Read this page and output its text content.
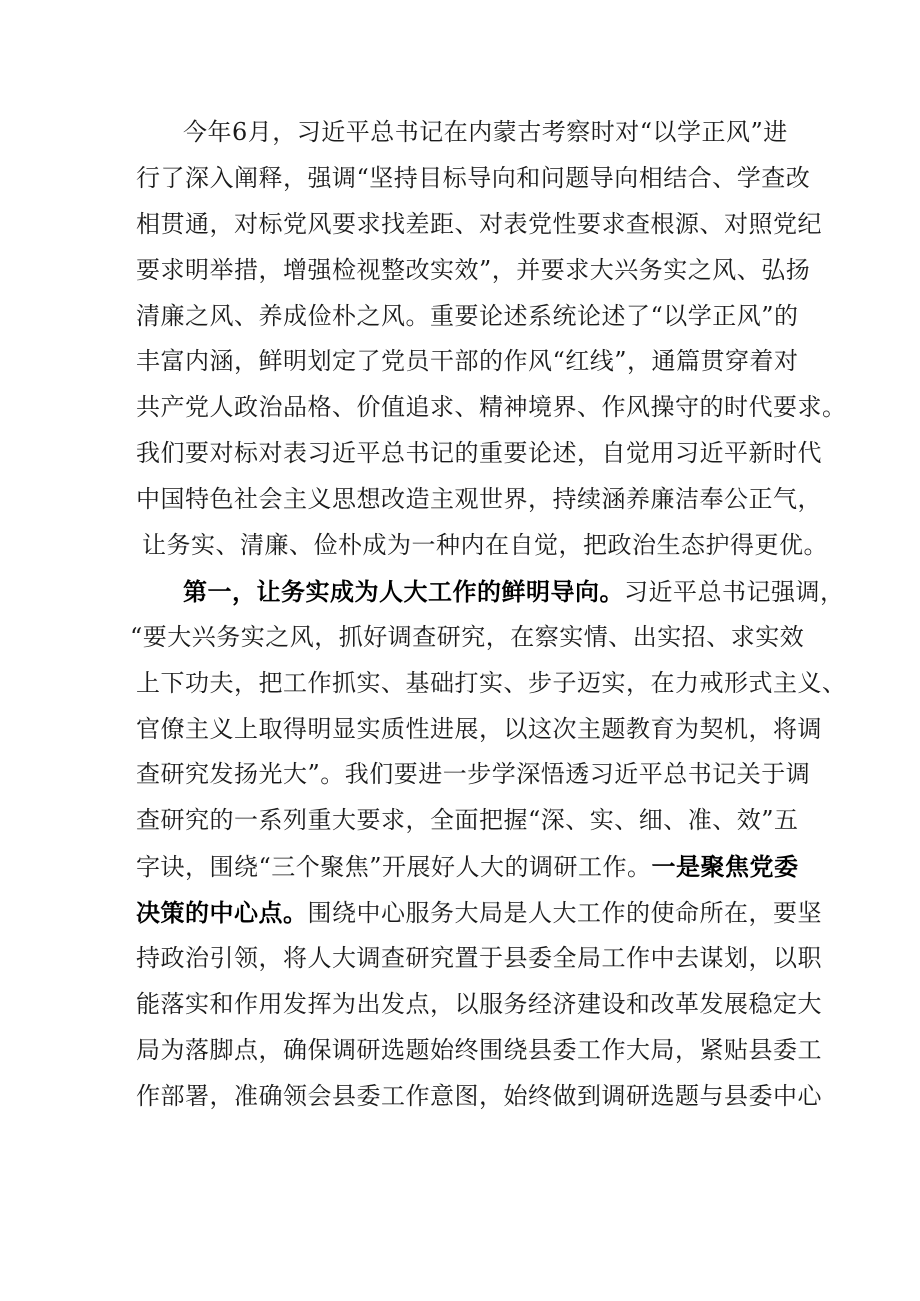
今年6月，习近平总书记在内蒙古考察时对“以学正风”进
行了深入阐释，强调“坚持目标导向和问题导向相结合、学查改
相贯通，对标党风要求找差距、对表党性要求查根源、对照党纪
要求明举措，增强检视整改实效”，并要求大兴务实之风、弘扬
清廉之风、养成俭朴之风。重要论述系统论述了“以学正风”的
丰富内涵，鲜明划定了党员干部的作风“红线”，通篇贯穿着对
共产党人政治品格、价值追求、精神境界、作风操守的时代要求。
我们要对标对表习近平总书记的重要论述，自觉用习近平新时代
中国特色社会主义思想改造主观世界，持续涵养廉洁奉公正气，
让务实、清廉、俭朴成为一种内在自觉，把政治生态护得更优。
第一，让务实成为人大工作的鲜明导向。习近平总书记强调，
“要大兴务实之风，抓好调查研究，在察实情、出实招、求实效
上下功夫，把工作抓实、基础打实、步子迈实，在力戒形式主义、
官僚主义上取得明显实质性进展，以这次主题教育为契机，将调
查研究发扬光大”。我们要进一步学深悟透习近平总书记关于调
查研究的一系列重大要求，全面把握“深、实、细、准、效”五
字诀，围绕“三个聚焦”开展好人大的调研工作。一是聚焦党委
决策的中心点。围绕中心服务大局是人大工作的使命所在，要坚
持政治引领，将人大调查研究置于县委全局工作中去谋划，以职
能落实和作用发挥为出发点，以服务经济建设和改革发展稳定大
局为落脚点，确保调研选题始终围绕县委工作大局，紧贴县委工
作部署，准确领会县委工作意图，始终做到调研选题与县委中心
